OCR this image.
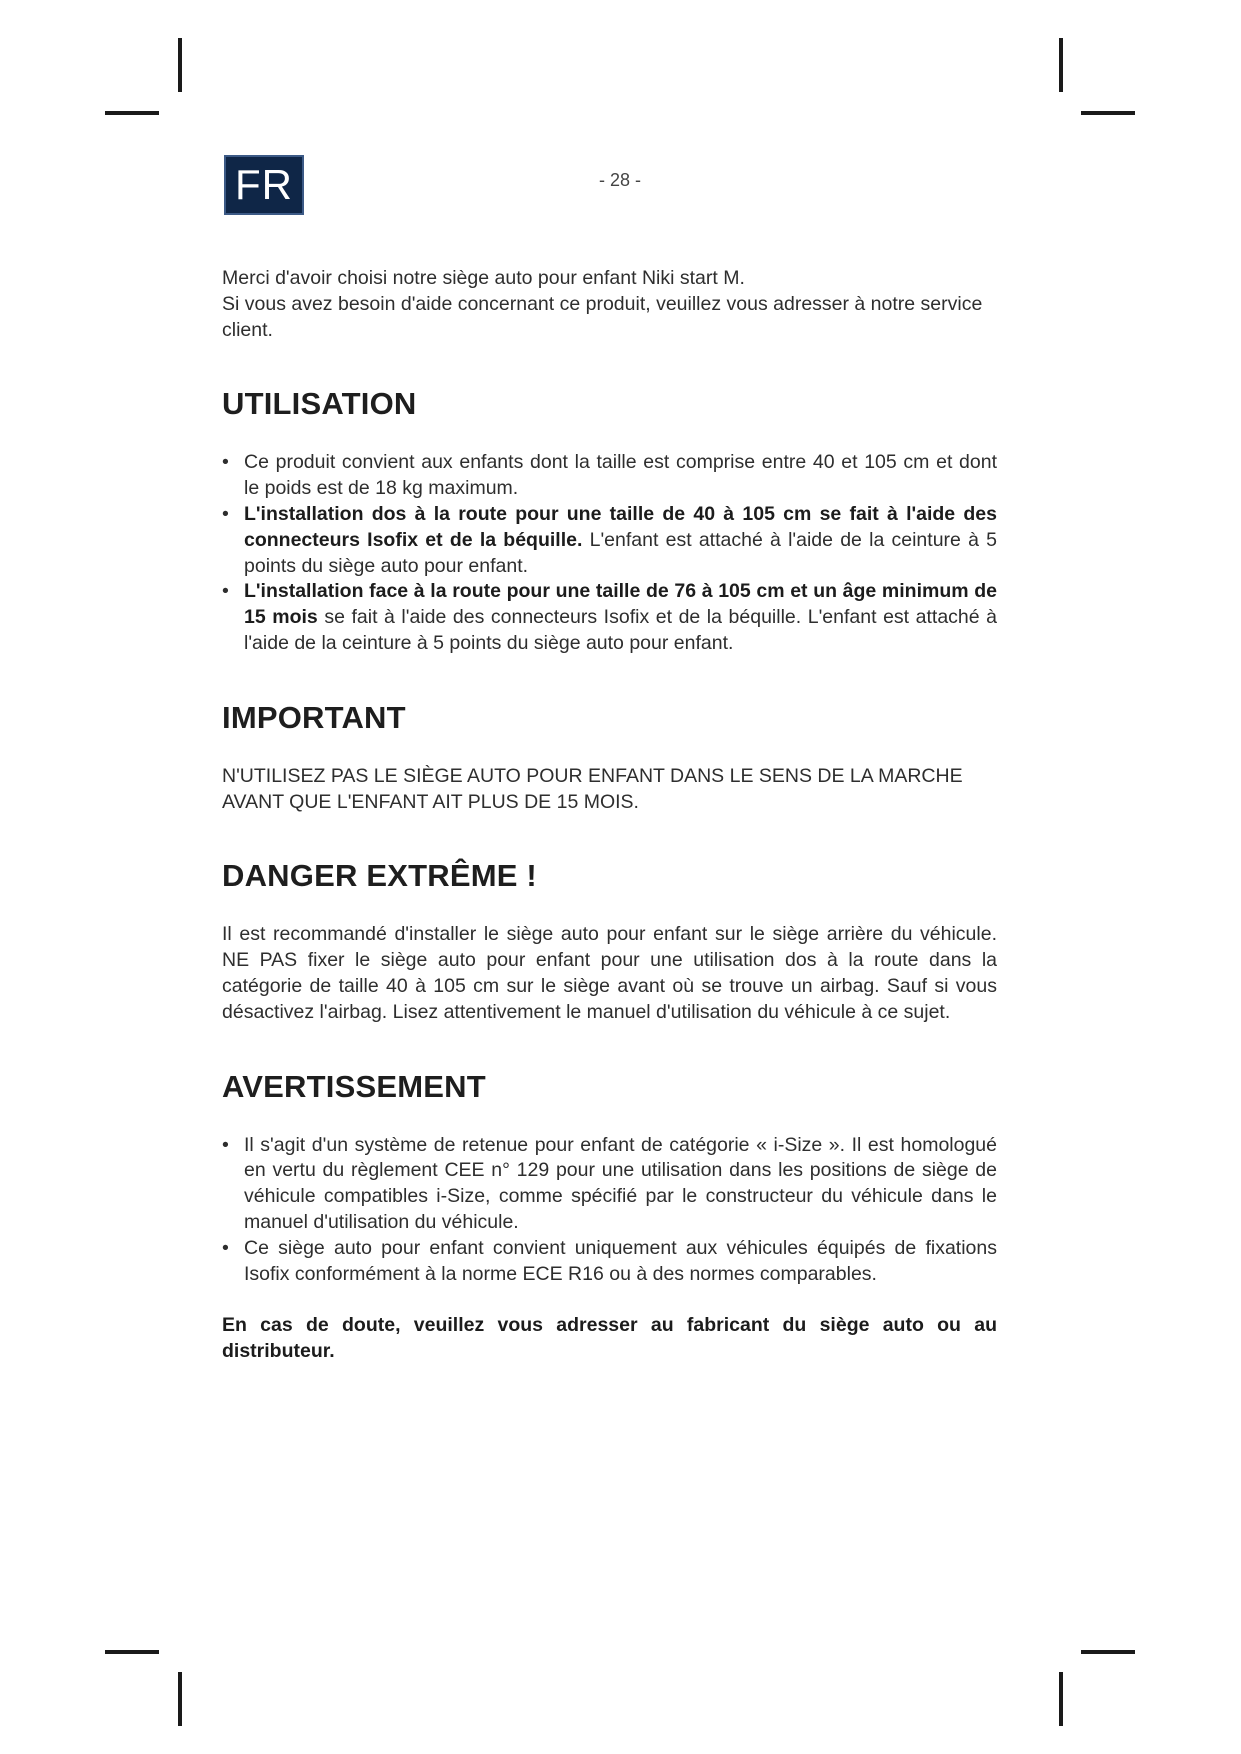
FR	- 28 -

Merci d'avoir choisi notre siège auto pour enfant Niki start M.

Si vous avez besoin d'aide concernant ce produit, veuillez vous adresser à notre service client.

UTILISATION
• Ce produit convient aux enfants dont la taille est comprise entre 40 et 105 cm et dont le poids est de 18 kg maximum.
• L'installation dos à la route pour une taille de 40 à 105 cm se fait à l'aide des connecteurs Isofix et de la béquille. L'enfant est attaché à l'aide de la ceinture à 5 points du siège auto pour enfant.
• L'installation face à la route pour une taille de 76 à 105 cm et un âge minimum de 15 mois se fait à l'aide des connecteurs Isofix et de la béquille. L'enfant est attaché à l'aide de la ceinture à 5 points du siège auto pour enfant.
IMPORTANT

N'UTILISEZ PAS LE SIÈGE AUTO POUR ENFANT DANS LE SENS DE LA MARCHE AVANT QUE L'ENFANT AIT PLUS DE 15 MOIS.

DANGER EXTRÊME !

Il est recommandé d'installer le siège auto pour enfant sur le siège arrière du véhicule. NE PAS fixer le siège auto pour enfant pour une utilisation dos à la route dans la catégorie de taille 40 à 105 cm sur le siège avant où se trouve un airbag. Sauf si vous désactivez l'airbag. Lisez attentivement le manuel d'utilisation du véhicule à ce sujet.

AVERTISSEMENT
• Il s'agit d'un système de retenue pour enfant de catégorie « i-Size ». Il est homologué en vertu du règlement CEE n° 129 pour une utilisation dans les positions de siège de véhicule compatibles i-Size, comme spécifié par le constructeur du véhicule dans le manuel d'utilisation du véhicule.
• Ce siège auto pour enfant convient uniquement aux véhicules équipés de fixations Isofix conformément à la norme ECE R16 ou à des normes comparables.

En cas de doute, veuillez vous adresser au fabricant du siège auto ou au distributeur.
